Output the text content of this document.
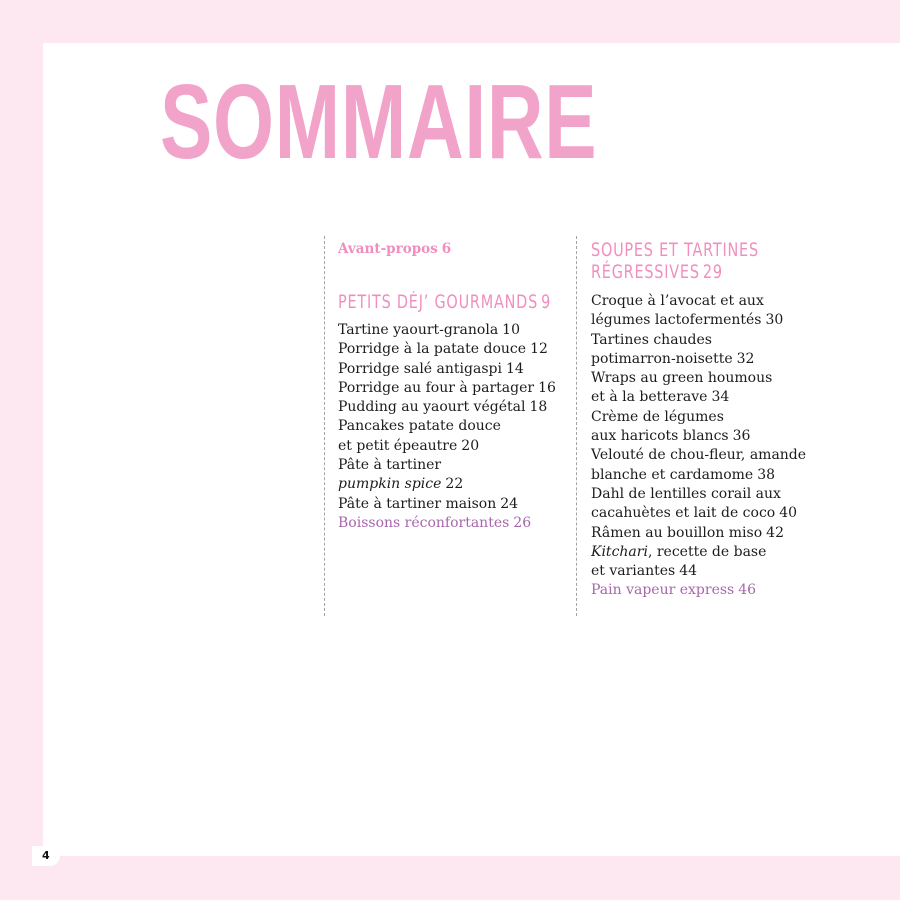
4
SOMMAIRE

Avant-propos 6

PETITS DÉJ’ GOURMANDS 9
Tartine yaourt-granola 10
Porridge à la patate douce 12
Porridge salé antigaspi 14
Porridge au four à partager 16
Pudding au yaourt végétal 18
Pancakes patate douce
et petit épeautre 20
Pâte à tartiner
pumpkin spice 22
Pâte à tartiner maison 24
Boissons réconfortantes 26
SOUPES ET TARTINES
RÉGRESSIVES 29
Croque à l’avocat et aux
légumes lactofermentés 30
Tartines chaudes
potimarron-noisette 32
Wraps au green houmous
et à la betterave 34
Crème de légumes
aux haricots blancs 36
Velouté de chou-fleur, amande
blanche et cardamome 38
Dahl de lentilles corail aux
cacahuètes et lait de coco 40
Râmen au bouillon miso 42
Kitchari, recette de base
et variantes 44
Pain vapeur express 46
